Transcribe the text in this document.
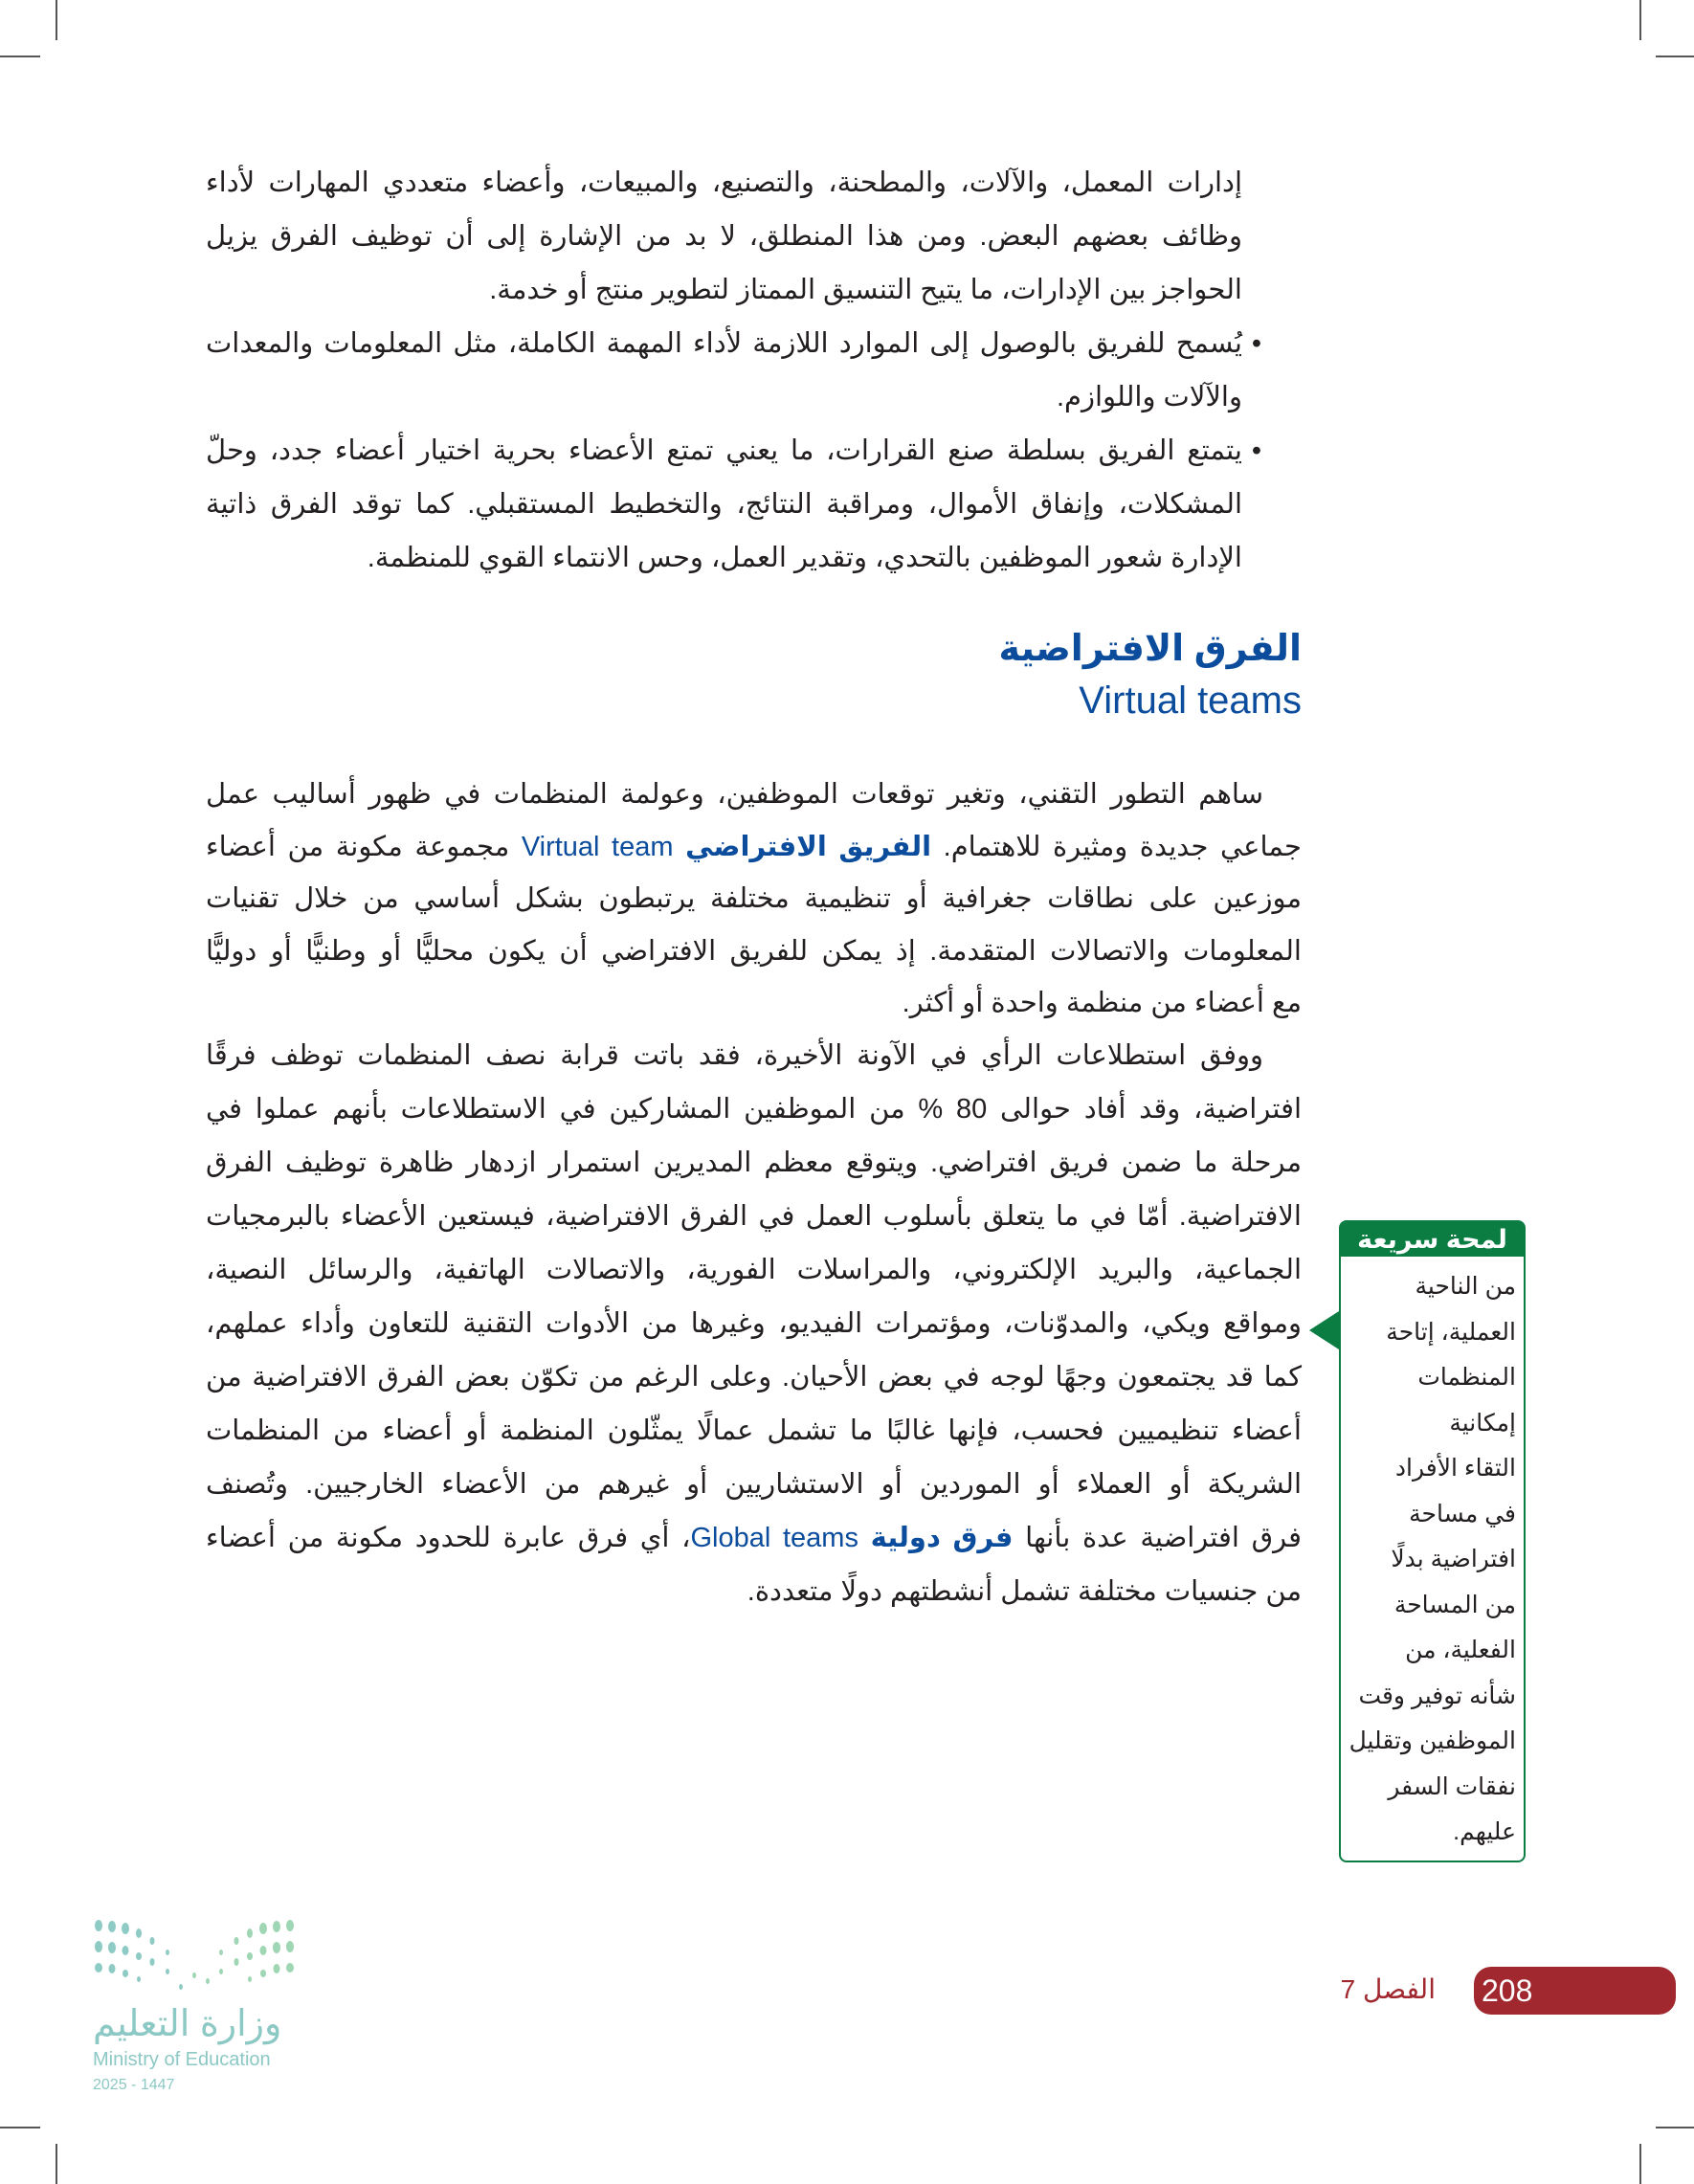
إدارات المعمل، والآلات، والمطحنة، والتصنيع، والمبيعات، وأعضاء متعددي المهارات لأداء
وظائف بعضهم البعض. ومن هذا المنطلق، لا بد من الإشارة إلى أن توظيف الفرق يزيل
الحواجز بين الإدارات، ما يتيح التنسيق الممتاز لتطوير منتج أو خدمة.
•
يُسمح للفريق بالوصول إلى الموارد اللازمة لأداء المهمة الكاملة، مثل المعلومات والمعدات
والآلات واللوازم.
•
يتمتع الفريق بسلطة صنع القرارات، ما يعني تمتع الأعضاء بحرية اختيار أعضاء جدد، وحلّ
المشكلات، وإنفاق الأموال، ومراقبة النتائج، والتخطيط المستقبلي. كما توقد الفرق ذاتية
الإدارة شعور الموظفين بالتحدي، وتقدير العمل، وحس الانتماء القوي للمنظمة.
الفرق الافتراضية
Virtual teams
ساهم التطور التقني، وتغير توقعات الموظفين، وعولمة المنظمات في ظهور أساليب عمل
جماعي جديدة ومثيرة للاهتمام. الفريق الافتراضي Virtual team مجموعة مكونة من أعضاء
موزعين على نطاقات جغرافية أو تنظيمية مختلفة يرتبطون بشكل أساسي من خلال تقنيات
المعلومات والاتصالات المتقدمة. إذ يمكن للفريق الافتراضي أن يكون محليًّا أو وطنيًّا أو دوليًّا
مع أعضاء من منظمة واحدة أو أكثر.
ووفق استطلاعات الرأي في الآونة الأخيرة، فقد باتت قرابة نصف المنظمات توظف فرقًا
افتراضية، وقد أفاد حوالى 80 % من الموظفين المشاركين في الاستطلاعات بأنهم عملوا في
مرحلة ما ضمن فريق افتراضي. ويتوقع معظم المديرين استمرار ازدهار ظاهرة توظيف الفرق
الافتراضية. أمّا في ما يتعلق بأسلوب العمل في الفرق الافتراضية، فيستعين الأعضاء بالبرمجيات
الجماعية، والبريد الإلكتروني، والمراسلات الفورية، والاتصالات الهاتفية، والرسائل النصية،
ومواقع ويكي، والمدوّنات، ومؤتمرات الفيديو، وغيرها من الأدوات التقنية للتعاون وأداء عملهم،
كما قد يجتمعون وجهًا لوجه في بعض الأحيان. وعلى الرغم من تكوّن بعض الفرق الافتراضية من
أعضاء تنظيميين فحسب، فإنها غالبًا ما تشمل عمالًا يمثّلون المنظمة أو أعضاء من المنظمات
الشريكة أو العملاء أو الموردين أو الاستشاريين أو غيرهم من الأعضاء الخارجيين. وتُصنف
فرق افتراضية عدة بأنها فرق دولية Global teams، أي فرق عابرة للحدود مكونة من أعضاء
من جنسيات مختلفة تشمل أنشطتهم دولًا متعددة.
لمحة سريعة
من الناحية
العملية، إتاحة
المنظمات
إمكانية
التقاء الأفراد
في مساحة
افتراضية بدلًا
من المساحة
الفعلية، من
شأنه توفير وقت
الموظفين وتقليل
نفقات السفر
عليهم.
208
الفصل 7
وزارة التعليم
Ministry of Education
2025 - 1447
